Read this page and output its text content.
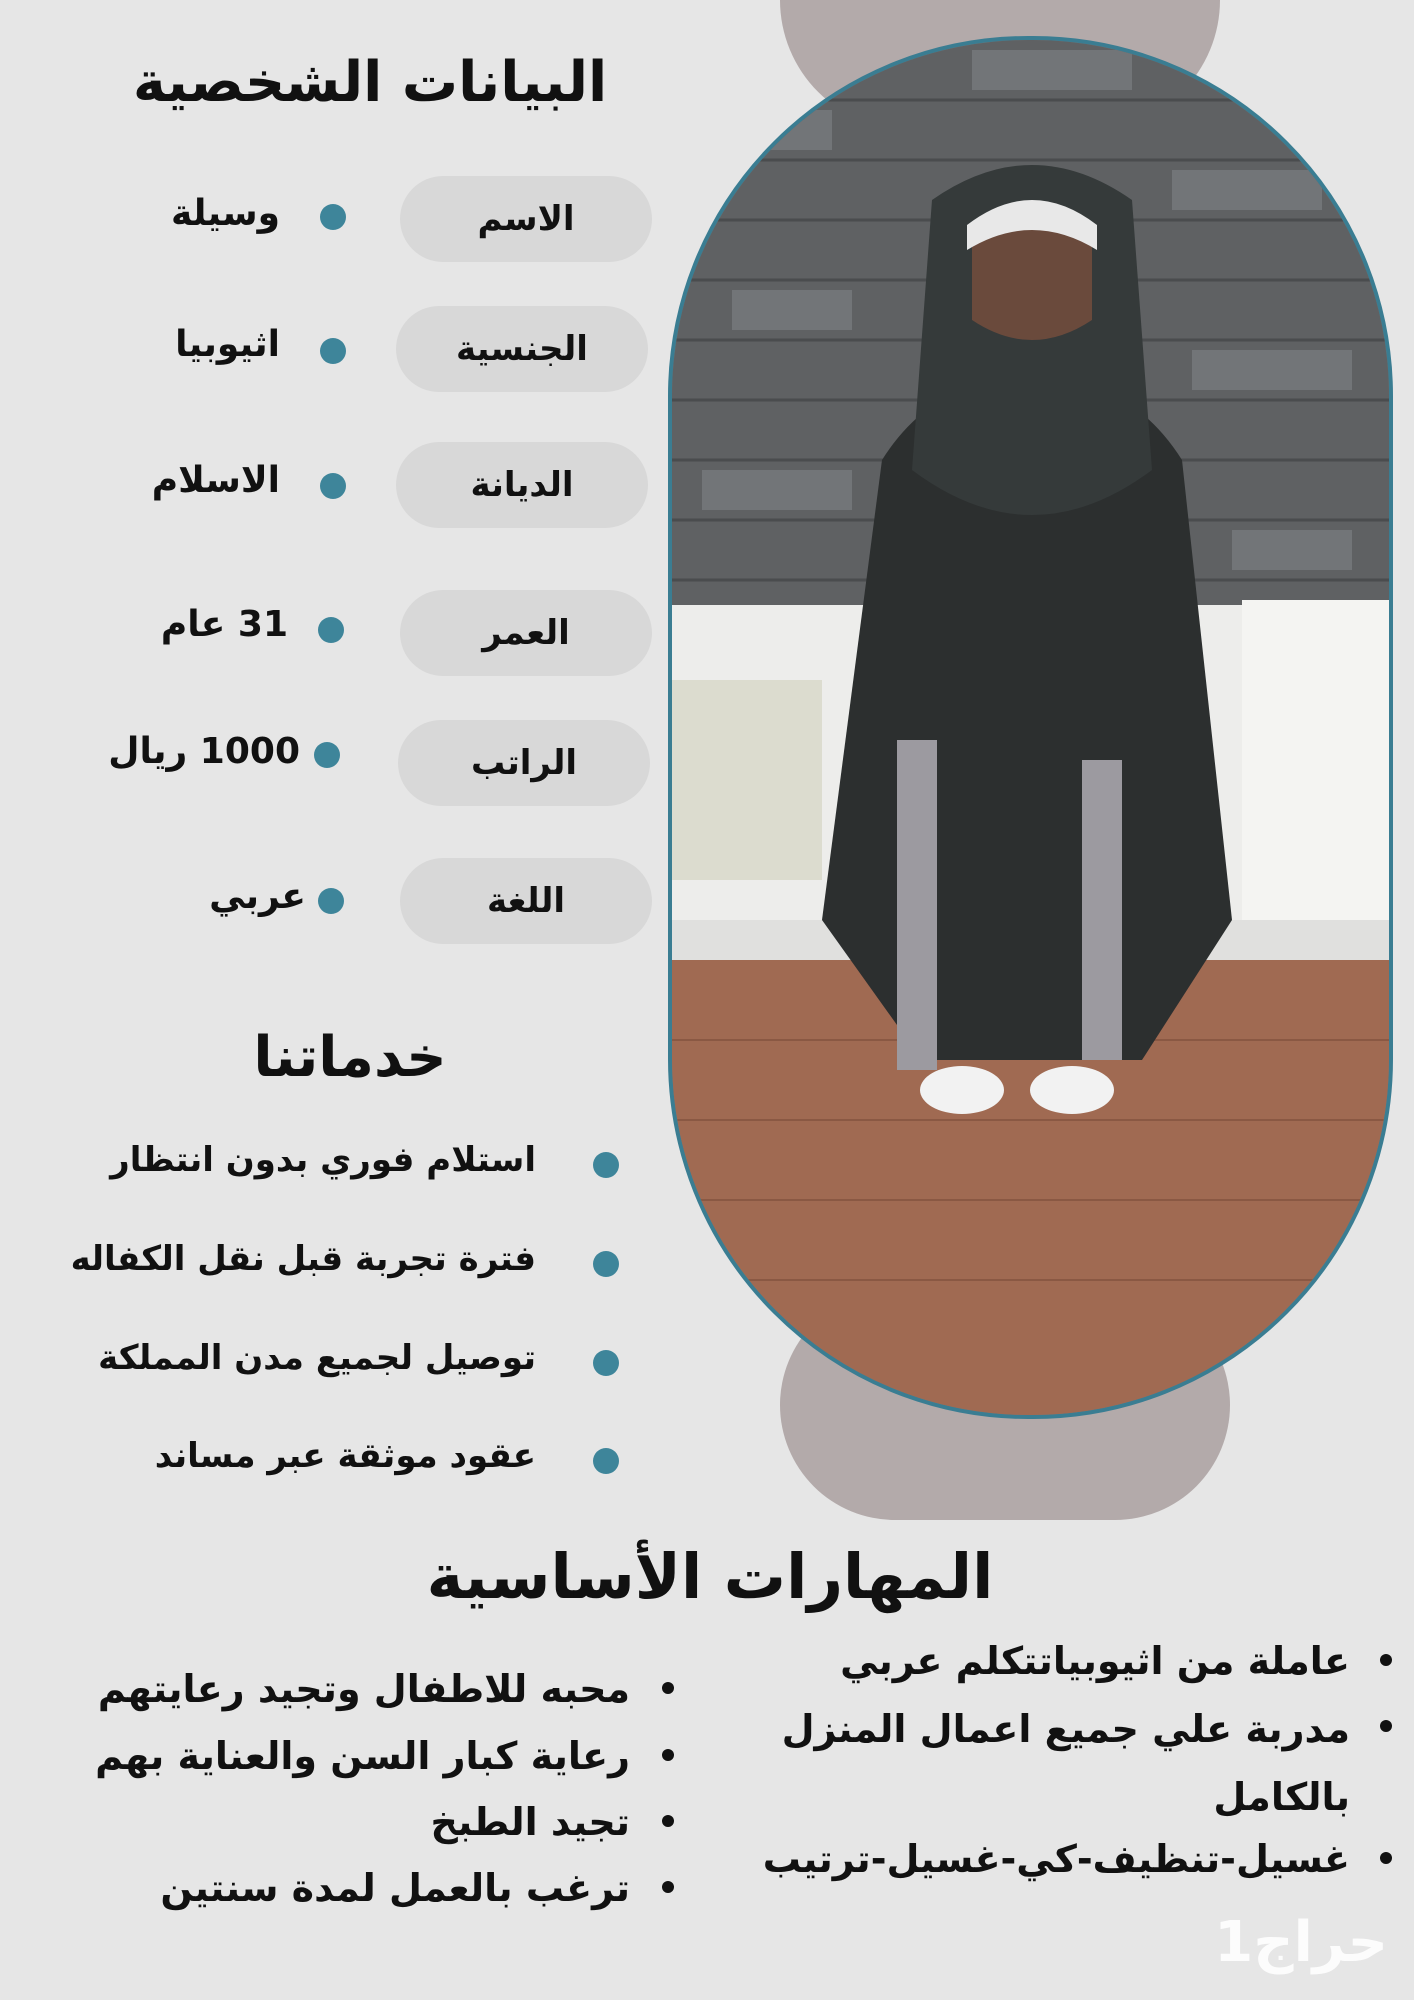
البيانات الشخصية
الاسم
وسيلة
الجنسية
اثيوبيا
الديانة
الاسلام
العمر
31 عام
الراتب
1000 ريال
اللغة
عربي
خدماتنا
استلام فوري بدون انتظار
فترة تجربة قبل نقل الكفاله
توصيل لجميع مدن المملكة
عقود موثقة عبر مساند
المهارات الأساسية
عاملة من اثيوبياتتكلم عربي
مدربة علي جميع اعمال المنزل
بالكامل
غسيل-تنظيف-كي-غسيل-ترتيب
محبه للاطفال وتجيد رعايتهم
رعاية كبار السن والعناية بهم
تجيد الطبخ
ترغب بالعمل لمدة سنتين
حراج1
